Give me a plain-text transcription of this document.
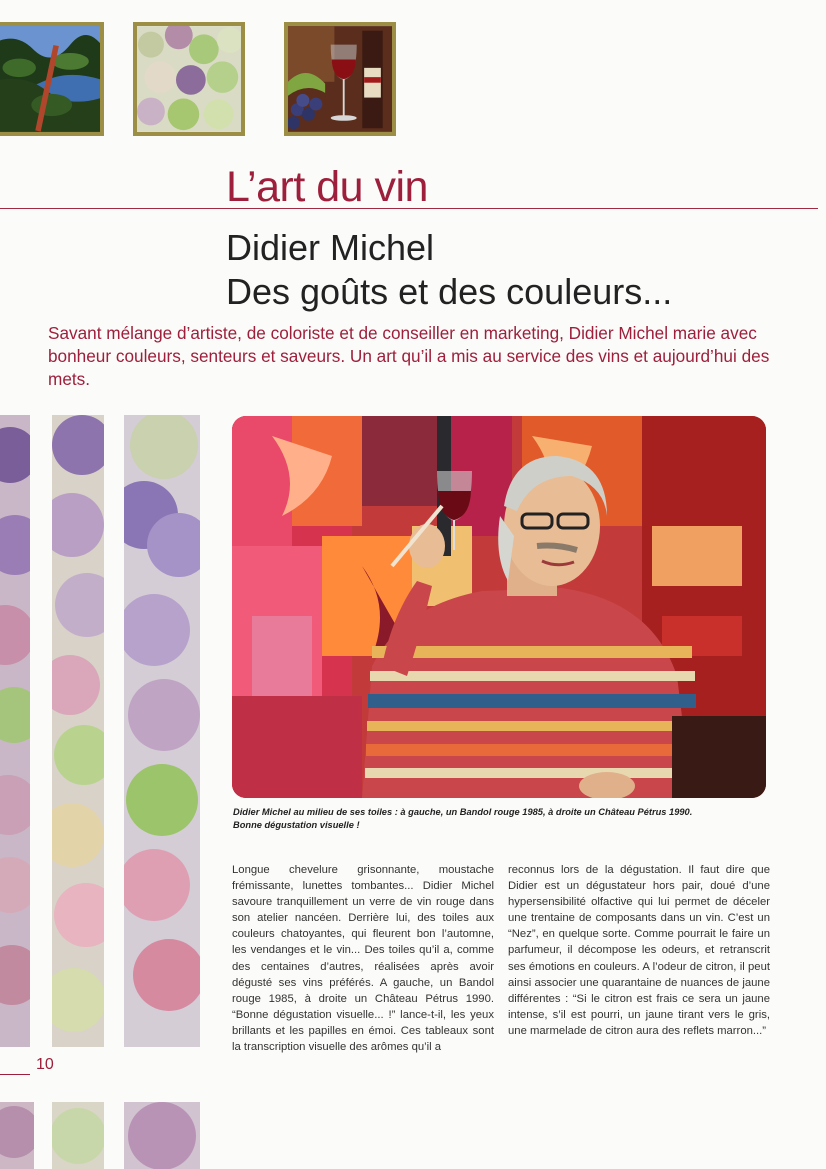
L’art du vin
Didier Michel
Des goûts et des couleurs...

Savant mélange d’artiste, de coloriste et de conseiller en marketing, Didier Michel marie avec bonheur couleurs, senteurs et saveurs. Un art qu’il a mis au service des vins et aujourd’hui des mets.

10

Didier Michel au milieu de ses toiles : à gauche, un Bandol rouge 1985, à droite un Château Pétrus 1990.
Bonne dégustation visuelle !

Longue chevelure grisonnante, moustache frémissante, lunettes tombantes... Didier Michel savoure tranquillement un verre de vin rouge dans son atelier nancéen. Derrière lui, des toiles aux couleurs chatoyantes, qui fleurent bon l’automne, les vendanges et le vin... Des toiles qu’il a, comme des centaines d’autres, réalisées après avoir dégusté ses vins préférés. A gauche, un Bandol rouge 1985, à droite un Château Pétrus 1990. “Bonne dégustation visuelle... !” lance-t-il, les yeux brillants et les papilles en émoi. Ces tableaux sont la transcription visuelle des arômes qu’il a

reconnus lors de la dégustation. Il faut dire que Didier est un dégustateur hors pair, doué d’une hypersensibilité olfactive qui lui permet de déceler une trentaine de composants dans un vin. C’est un “Nez”, en quelque sorte. Comme pourrait le faire un parfumeur, il décompose les odeurs, et retranscrit ses émotions en couleurs. A l’odeur de citron, il peut ainsi associer une quarantaine de nuances de jaune différentes : “Si le citron est frais ce sera un jaune intense, s’il est pourri, un jaune tirant vers le gris, une marmelade de citron aura des reflets marron...”
